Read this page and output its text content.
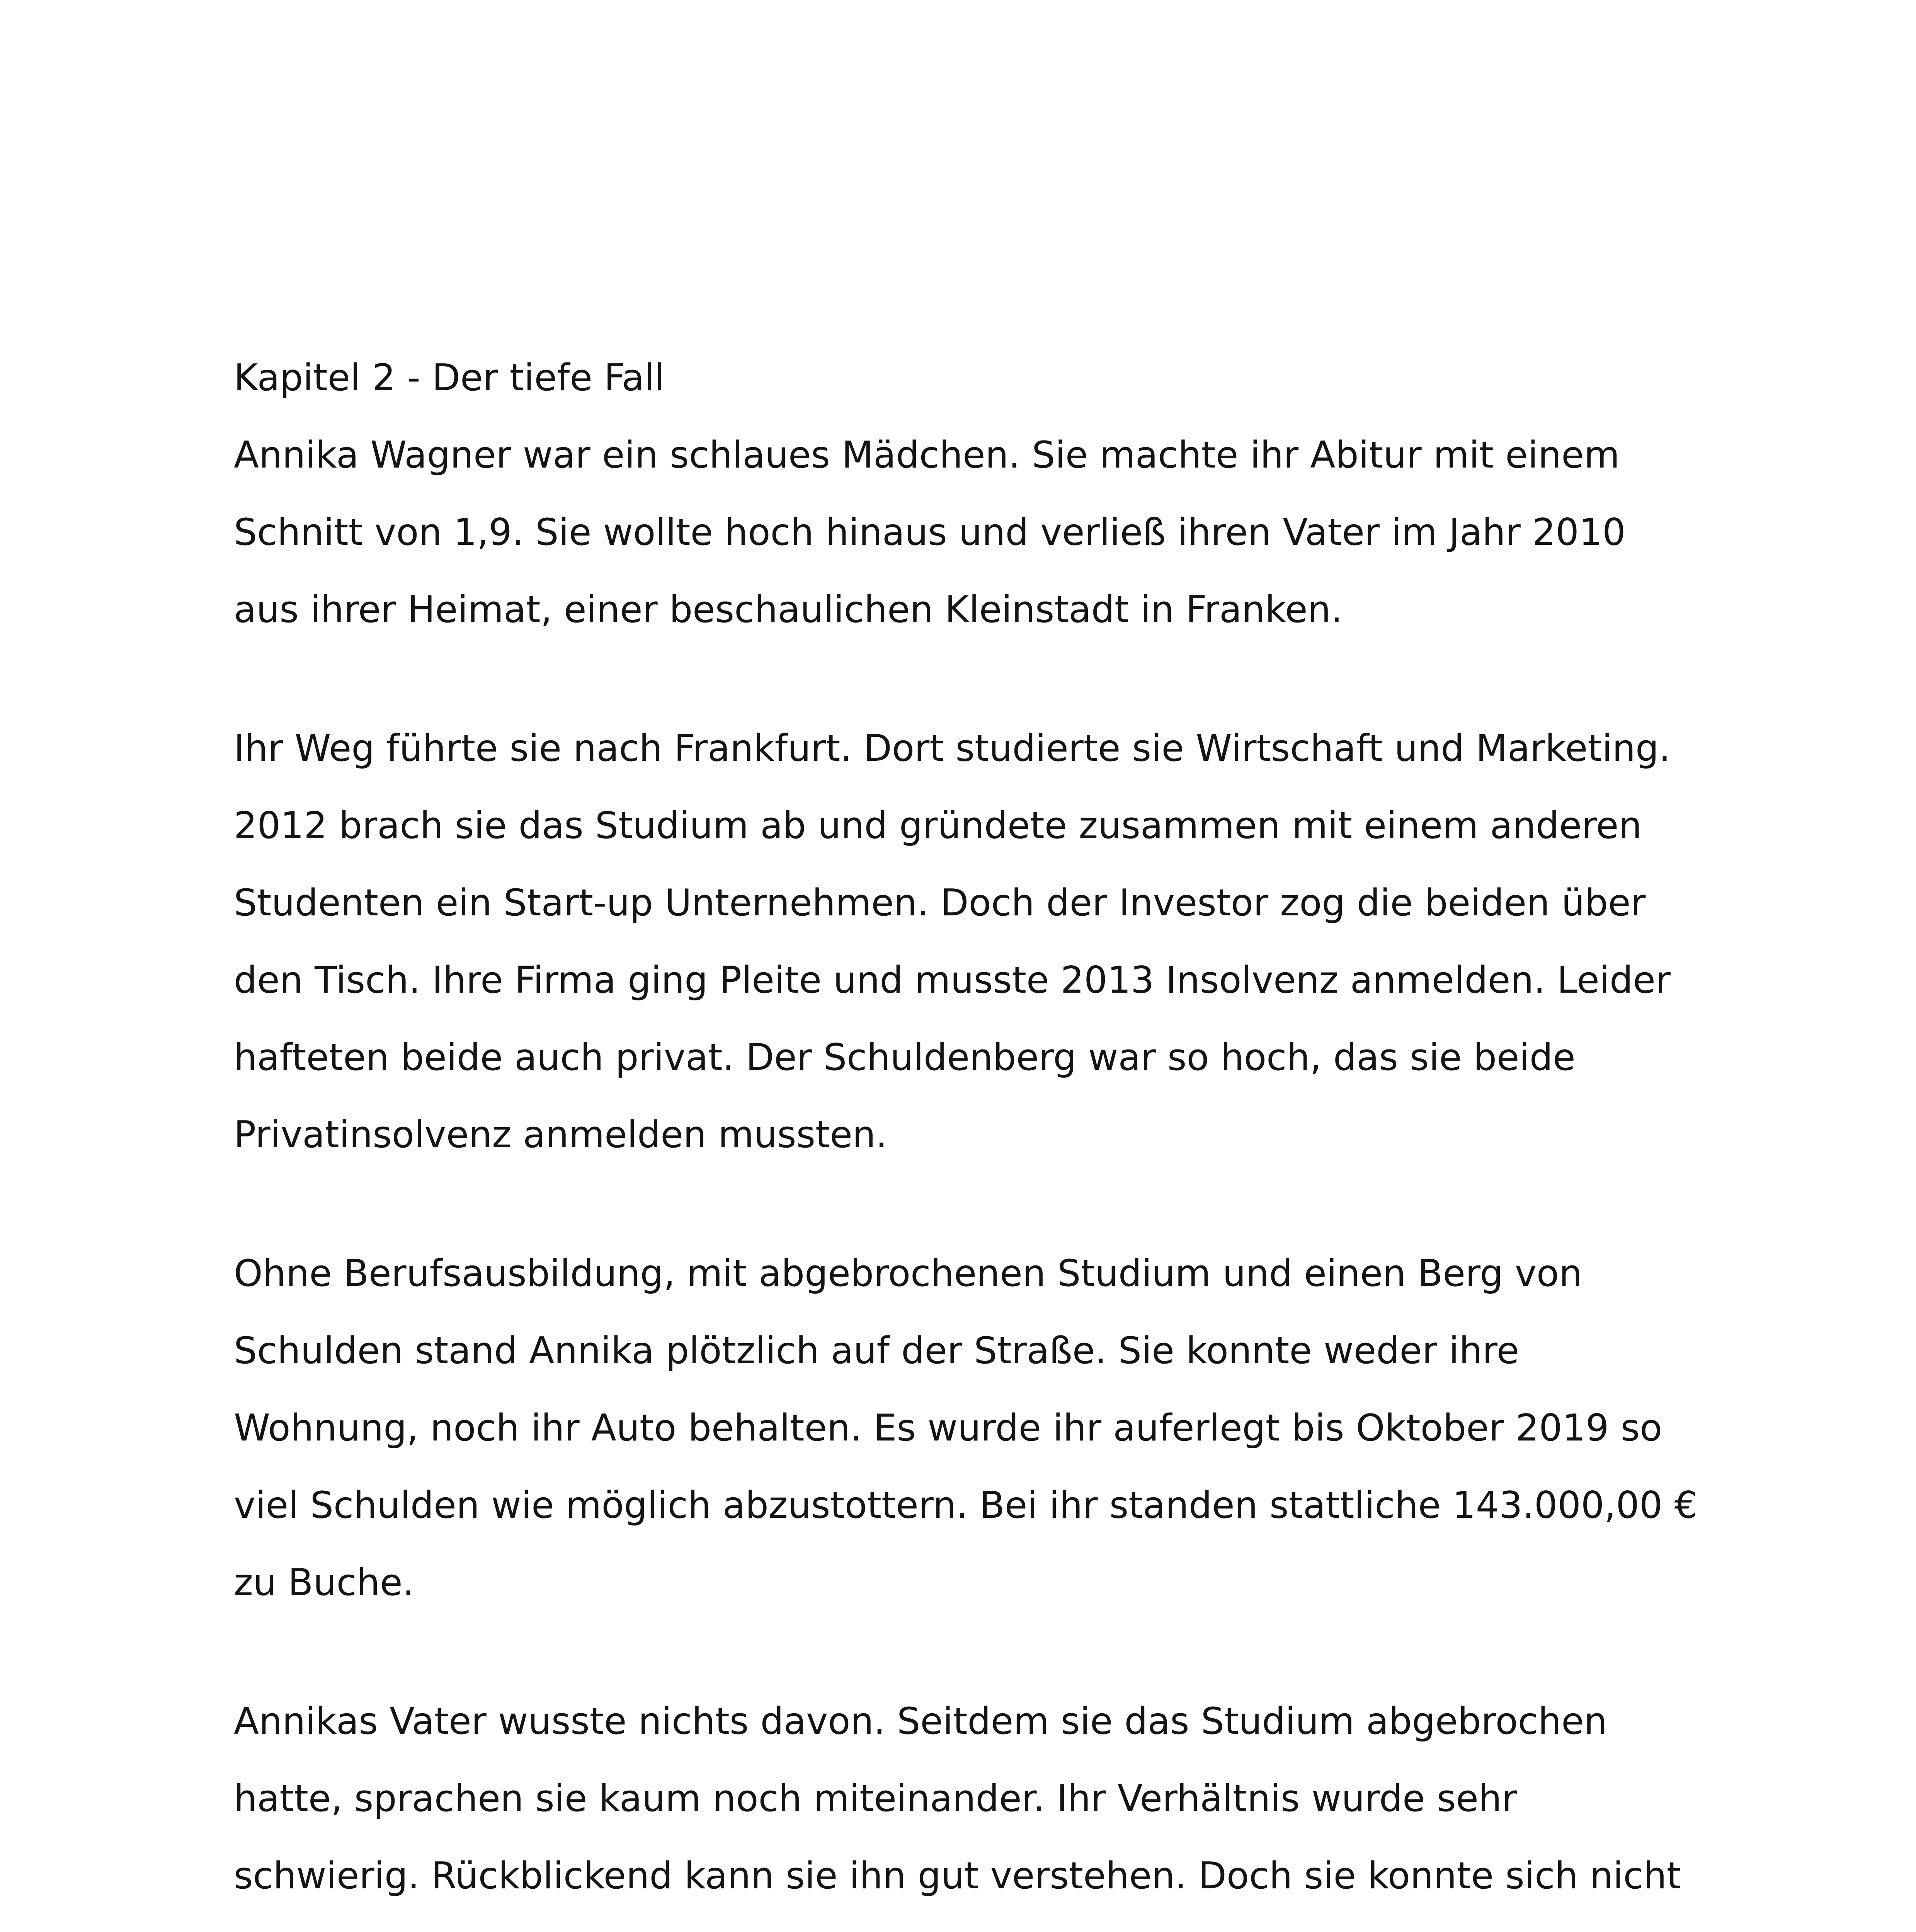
Kapitel 2 - Der tiefe Fall

Annika Wagner war ein schlaues Mädchen. Sie machte ihr Abitur mit einem

Schnitt von 1,9. Sie wollte hoch hinaus und verließ ihren Vater im Jahr 2010

aus ihrer Heimat, einer beschaulichen Kleinstadt in Franken.

Ihr Weg führte sie nach Frankfurt. Dort studierte sie Wirtschaft und Marketing.

2012 brach sie das Studium ab und gründete zusammen mit einem anderen

Studenten ein Start-up Unternehmen. Doch der Investor zog die beiden über

den Tisch. Ihre Firma ging Pleite und musste 2013 Insolvenz anmelden. Leider

hafteten beide auch privat. Der Schuldenberg war so hoch, das sie beide

Privatinsolvenz anmelden mussten.

Ohne Berufsausbildung, mit abgebrochenen Studium und einen Berg von

Schulden stand Annika plötzlich auf der Straße. Sie konnte weder ihre

Wohnung, noch ihr Auto behalten. Es wurde ihr auferlegt bis Oktober 2019 so

viel Schulden wie möglich abzustottern. Bei ihr standen stattliche 143.000,00 €

zu Buche.

Annikas Vater wusste nichts davon. Seitdem sie das Studium abgebrochen

hatte, sprachen sie kaum noch miteinander. Ihr Verhältnis wurde sehr

schwierig. Rückblickend kann sie ihn gut verstehen. Doch sie konnte sich nicht
